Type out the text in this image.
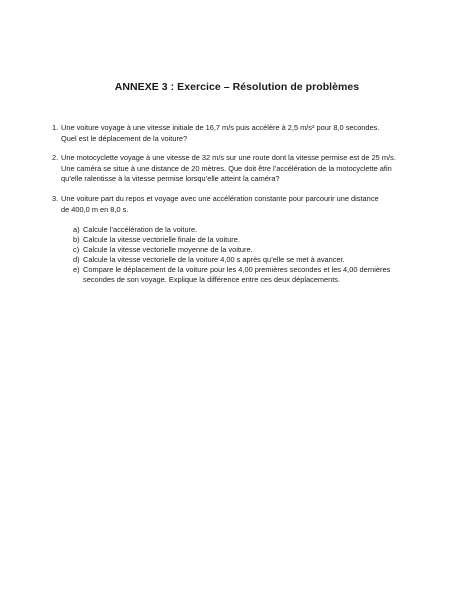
ANNEXE 3 : Exercice – Résolution de problèmes
1. Une voiture voyage à une vitesse initiale de 16,7 m/s puis accélère à 2,5 m/s² pour 8,0 secondes.
Quel est le déplacement de la voiture?
2. Une motocyclette voyage à une vitesse de 32 m/s sur une route dont la vitesse permise est de 25 m/s.
Une caméra se situe à une distance de 20 mètres. Que doit être l’accélération de la motocyclette afin
qu’elle ralentisse à la vitesse permise lorsqu’elle atteint la caméra?
3. Une voiture part du repos et voyage avec une accélération constante pour parcourir une distance
de 400,0 m en 8,0 s.
a) Calcule l’accélération de la voiture.
b) Calcule la vitesse vectorielle finale de la voiture.
c) Calcule la vitesse vectorielle moyenne de la voiture.
d) Calcule la vitesse vectorielle de la voiture 4,00 s après qu’elle se met à avancer.
e) Compare le déplacement de la voiture pour les 4,00 premières secondes et les 4,00 dernières
secondes de son voyage. Explique la différence entre ces deux déplacements.
